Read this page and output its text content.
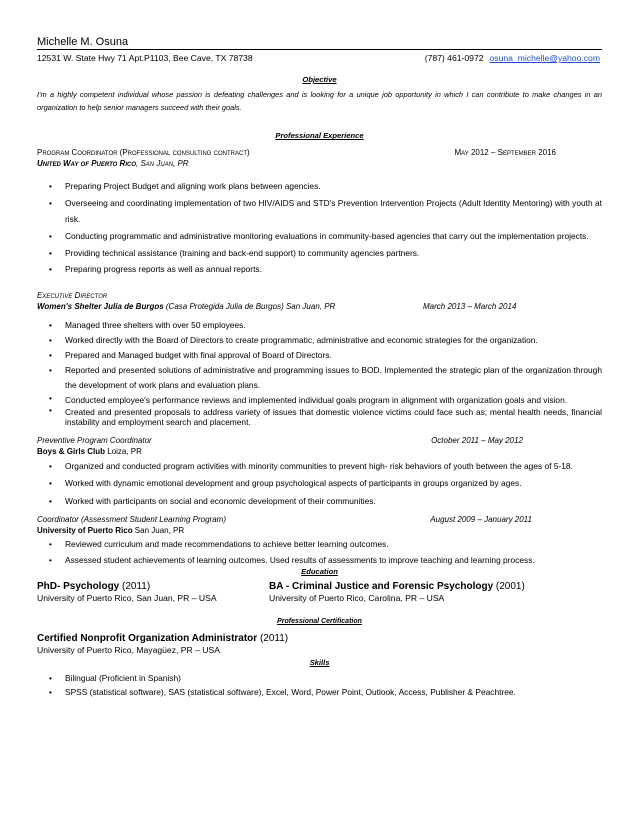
Michelle M. Osuna
12531 W. State Hwy 71 Apt.P1103, Bee Cave, TX 78738	(787) 461-0972 osuna_michelle@yahoo.com
Objective
I'm a highly competent individual whose passion is defeating challenges and is looking for a unique job opportunity in which I can contribute to make changes in an organization to help senior managers succeed with their goals.
Professional Experience
Program Coordinator (Professional consulting contract)	May 2012 – September 2016
United Way of Puerto Rico, San Juan, PR
• Preparing Project Budget and aligning work plans between agencies.
• Overseeing and coordinating implementation of two HIV/AIDS and STD's Prevention Intervention Projects (Adult Identity Mentoring) with youth at risk.
• Conducting programmatic and administrative monitoring evaluations in community-based agencies that carry out the implementation projects.
• Providing technical assistance (training and back-end support) to community agencies partners.
• Preparing progress reports as well as annual reports.
Executive Director
Women's Shelter Julia de Burgos (Casa Protegida Julia de Burgos) San Juan, PR	March 2013 – March 2014
• Managed three shelters with over 50 employees.
• Worked directly with the Board of Directors to create programmatic, administrative and economic strategies for the organization.
• Prepared and Managed budget with final approval of Board of Directors.
• Reported and presented solutions of administrative and programming issues to BOD. Implemented the strategic plan of the organization through the development of work plans and evaluation plans.
• Conducted employee's performance reviews and implemented individual goals program in alignment with organization goals and vision.
• Created and presented proposals to address variety of issues that domestic violence victims could face such as; mental health needs, financial instability and employment search and placement.
Preventive Program Coordinator	October 2011 – May 2012
Boys & Girls Club Loiza, PR
• Organized and conducted program activities with minority communities to prevent high- risk behaviors of youth between the ages of 5-18.
• Worked with dynamic emotional development and group psychological aspects of participants in groups organized by ages.
• Worked with participants on social and economic development of their communities.
Coordinator (Assessment Student Learning Program)	August 2009 – January 2011
University of Puerto Rico San Juan, PR
• Reviewed curriculum and made recommendations to achieve better learning outcomes.
• Assessed student achievements of learning outcomes. Used results of assessments to improve teaching and learning process.
Education
PhD- Psychology (2011)	BA - Criminal Justice and Forensic Psychology (2001)
University of Puerto Rico, San Juan, PR – USA	University of Puerto Rico, Carolina, PR – USA
Professional Certification
Certified Nonprofit Organization Administrator (2011)
University of Puerto Rico, Mayagüez, PR – USA
Skills
• Bilingual (Proficient in Spanish)
• SPSS (statistical software), SAS (statistical software), Excel, Word, Power Point, Outlook, Access, Publisher & Peachtree.
